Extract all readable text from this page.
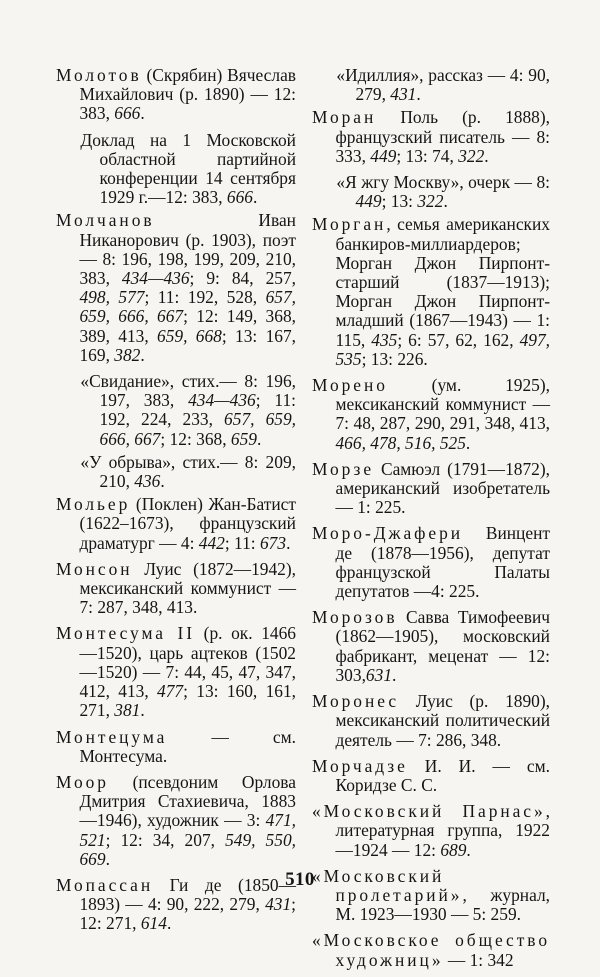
Молотов (Скрябин) Вячеслав Михайлович (р. 1890) — 12: 383, 666.
Доклад на 1 Московской областной партийной конференции 14 сентября 1929 г.—12: 383, 666.
Молчанов Иван Никанорович (р. 1903), поэт — 8: 196, 198, 199, 209, 210, 383, 434—436; 9: 84, 257, 498, 577; 11: 192, 528, 657, 659, 666, 667; 12: 149, 368, 389, 413, 659, 668; 13: 167, 169, 382.
«Свидание», стих.— 8: 196, 197, 383, 434—436; 11: 192, 224, 233, 657, 659, 666, 667; 12: 368, 659.
«У обрыва», стих.— 8: 209, 210, 436.
Мольер (Поклен) Жан-Батист (1622–1673), французский драматург — 4: 442; 11: 673.
Монсон Луис (1872—1942), мексиканский коммунист — 7: 287, 348, 413.
Монтесума II (р. ок. 1466—1520), царь ацтеков (1502—1520) — 7: 44, 45, 47, 347, 412, 413, 477; 13: 160, 161, 271, 381.
Монтецума — см. Монтесума.
Моор (псевдоним Орлова Дмитрия Стахиевича, 1883—1946), художник — 3: 471, 521; 12: 34, 207, 549, 550, 669.
Мопассан Ги де (1850—1893) — 4: 90, 222, 279, 431; 12: 271, 614.
«Идиллия», рассказ — 4: 90, 279, 431.
Моран Поль (р. 1888), французский писатель — 8: 333, 449; 13: 74, 322.
«Я жгу Москву», очерк — 8: 449; 13: 322.
Морган, семья американских банкиров-миллиардеров; Морган Джон Пирпонт-старший (1837—1913); Морган Джон Пирпонт-младший (1867—1943) — 1: 115, 435; 6: 57, 62, 162, 497, 535; 13: 226.
Морено (ум. 1925), мексиканский коммунист — 7: 48, 287, 290, 291, 348, 413, 466, 478, 516, 525.
Морзе Самюэл (1791—1872), американский изобретатель — 1: 225.
Моро-Джафери Винцент де (1878—1956), депутат французской Палаты депутатов —4: 225.
Морозов Савва Тимофеевич (1862—1905), московский фабрикант, меценат — 12: 303,631.
Моронес Луис (р. 1890), мексиканский политический деятель — 7: 286, 348.
Морчадзе И. И. — см. Коридзе С. С.
«Московский Парнас», литературная группа, 1922—1924 — 12: 689.
«Московский пролетарий», журнал, М. 1923—1930 — 5: 259.
«Московское общество художниц» — 1: 342
510
